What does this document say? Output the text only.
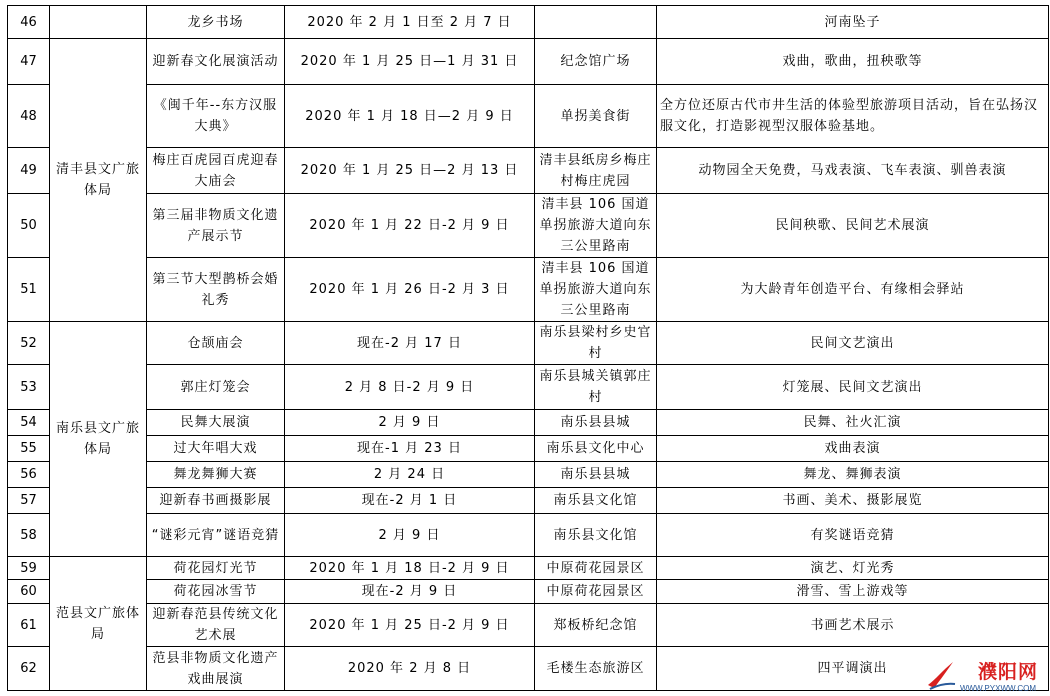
46		龙乡书场	2020 年 2 月 1 日至 2 月 7 日		河南坠子
47	清丰县文广旅体局	迎新春文化展演活动	2020 年 1 月 25 日—1 月 31 日	纪念馆广场	戏曲，歌曲，扭秧歌等
48		《闽千年--东方汉服大典》	2020 年 1 月 18 日—2 月 9 日	单拐美食街	全方位还原古代市井生活的体验型旅游项目活动，旨在弘扬汉服文化，打造影视型汉服体验基地。
49		梅庄百虎园百虎迎春大庙会	2020 年 1 月 25 日—2 月 13 日	清丰县纸房乡梅庄村梅庄虎园	动物园全天免费，马戏表演、飞车表演、驯兽表演
50		第三届非物质文化遗产展示节	2020 年 1 月 22 日-2 月 9 日	清丰县 106 国道单拐旅游大道向东三公里路南	民间秧歌、民间艺术展演
51		第三节大型鹊桥会婚礼秀	2020 年 1 月 26 日-2 月 3 日	清丰县 106 国道单拐旅游大道向东三公里路南	为大龄青年创造平台、有缘相会驿站
52	南乐县文广旅体局	仓颉庙会	现在-2 月 17 日	南乐县梁村乡史官村	民间文艺演出
53		郭庄灯笼会	2 月 8 日-2 月 9 日	南乐县城关镇郭庄村	灯笼展、民间文艺演出
54		民舞大展演	2 月 9 日	南乐县县城	民舞、社火汇演
55		过大年唱大戏	现在-1 月 23 日	南乐县文化中心	戏曲表演
56		舞龙舞狮大赛	2 月 24 日	南乐县县城	舞龙、舞狮表演
57		迎新春书画摄影展	现在-2 月 1 日	南乐县文化馆	书画、美术、摄影展览
58		“谜彩元宵”谜语竞猜	2 月 9 日	南乐县文化馆	有奖谜语竞猜
59	范县文广旅体局	荷花园灯光节	2020 年 1 月 18 日-2 月 9 日	中原荷花园景区	演艺、灯光秀
60		荷花园冰雪节	现在-2 月 9 日	中原荷花园景区	滑雪、雪上游戏等
61		迎新春范县传统文化艺术展	2020 年 1 月 25 日-2 月 9 日	郑板桥纪念馆	书画艺术展示
62		范县非物质文化遗产戏曲展演	2020 年 2 月 8 日	毛楼生态旅游区	四平调演出	濮阳网
WWW.PYXWW.COM
